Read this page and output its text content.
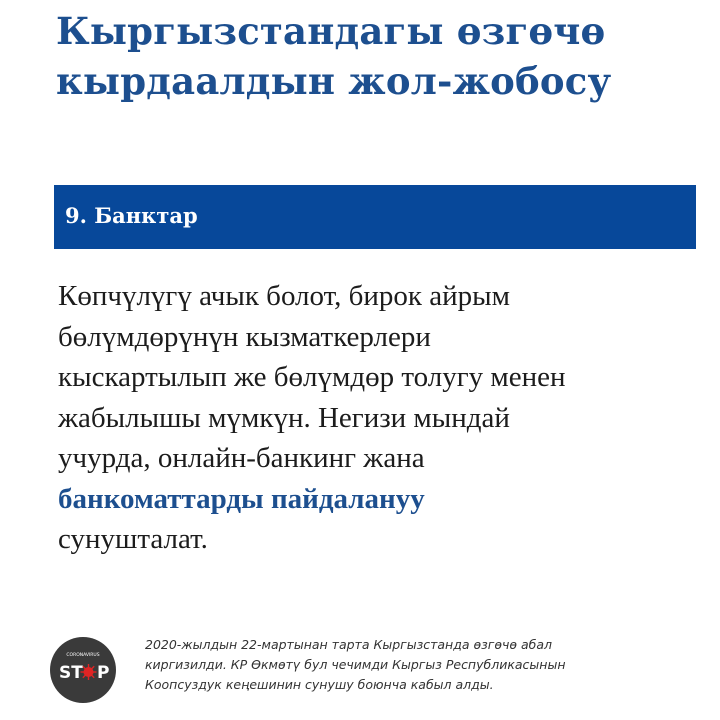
Кыргызстандагы өзгөчө
кырдаалдын жол-жобосу
9. Банктар

Көпчүлүгү ачык болот, бирок айрым
бөлүмдөрүнүн кызматкерлери
кыскартылып же бөлүмдөр толугу менен
жабылышы мүмкүн. Негизи мындай
учурда, онлайн-банкинг жана
банкоматтарды пайдалануу
сунушталат.

CORONAVIRUS
ST P

2020-жылдын 22-мартынан тарта Кыргызстанда өзгөчө абал
киргизилди. КР Өкмөтү бул чечимди Кыргыз Республикасынын
Коопсуздук кеңешинин сунушу боюнча кабыл алды.
